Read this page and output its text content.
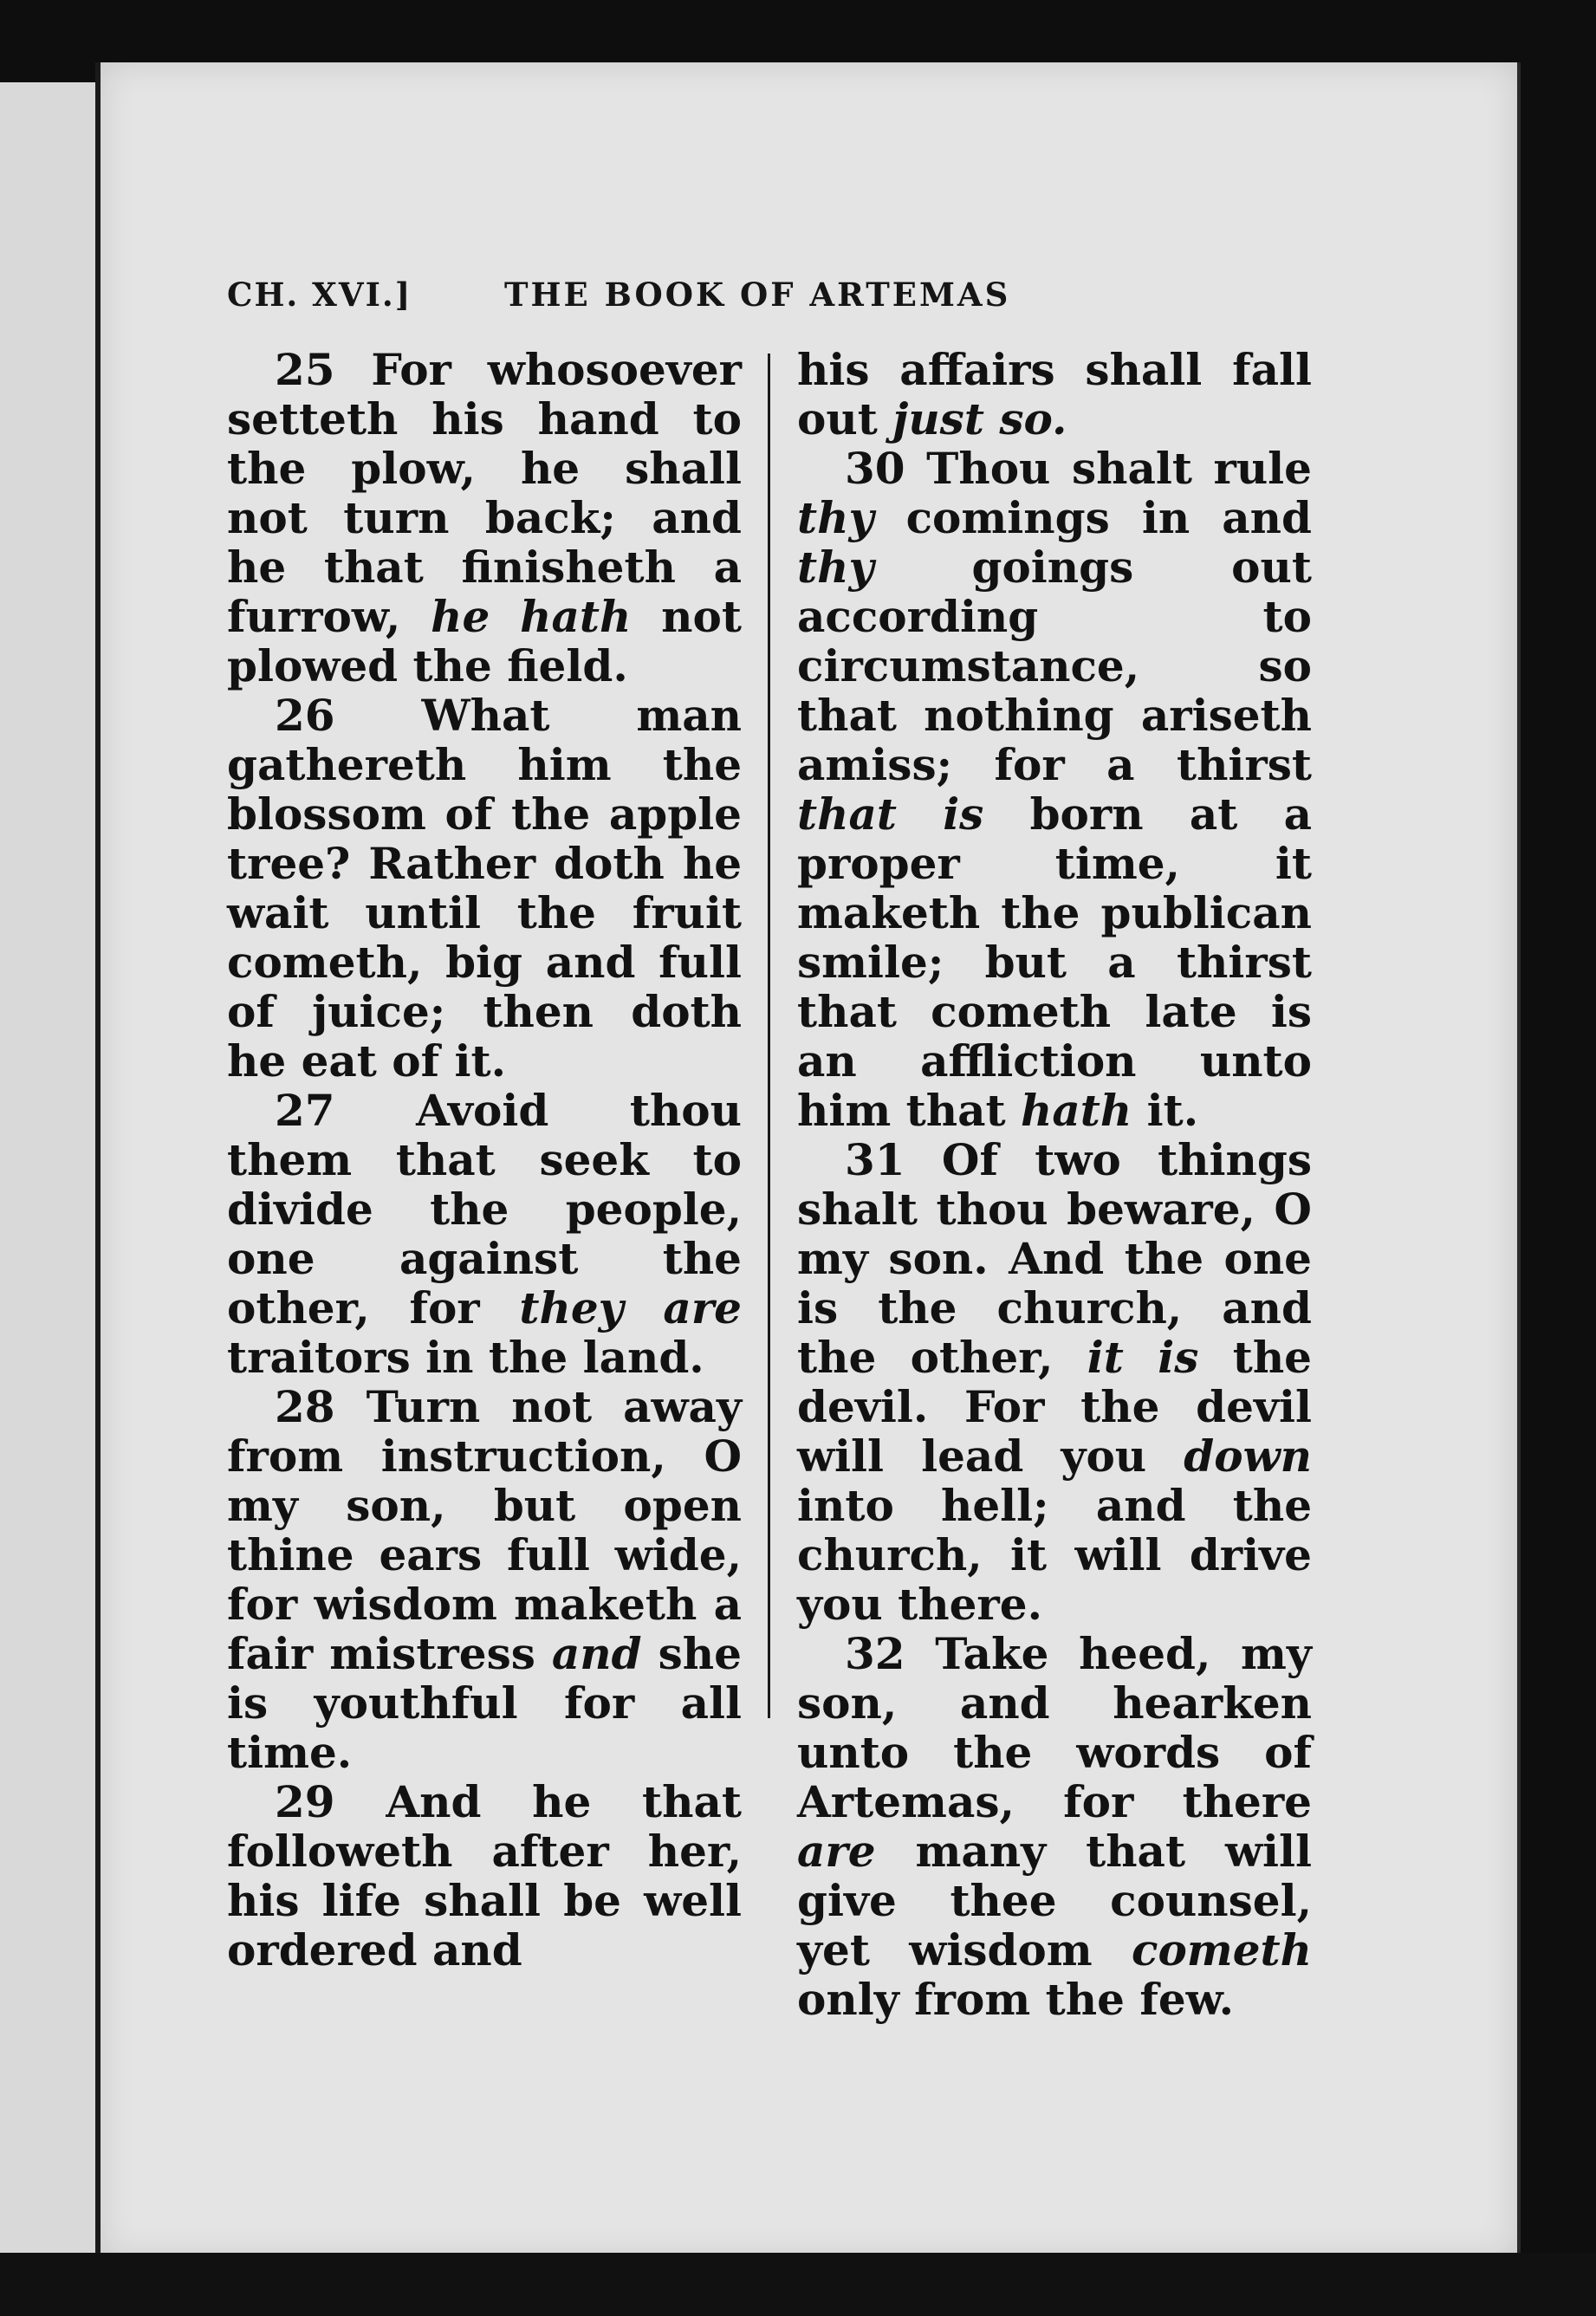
CH. XVI.]	THE BOOK OF ARTEMAS

25 For whosoever setteth his hand to the plow, he shall not turn back; and he that finisheth a furrow, he hath not plowed the field.

26 What man gathereth him the blossom of the apple tree? Rather doth he wait until the fruit cometh, big and full of juice; then doth he eat of it.

27 Avoid thou them that seek to divide the people, one against the other, for they are traitors in the land.

28 Turn not away from instruction, O my son, but open thine ears full wide, for wisdom maketh a fair mistress and she is youthful for all time.

29 And he that followeth after her, his life shall be well ordered and

his affairs shall fall out just so.

30 Thou shalt rule thy comings in and thy goings out according to circumstance, so that nothing ariseth amiss; for a thirst that is born at a proper time, it maketh the publican smile; but a thirst that cometh late is an affliction unto him that hath it.

31 Of two things shalt thou beware, O my son. And the one is the church, and the other, it is the devil. For the devil will lead you down into hell; and the church, it will drive you there.

32 Take heed, my son, and hearken unto the words of Artemas, for there are many that will give thee counsel, yet wisdom cometh only from the few.
